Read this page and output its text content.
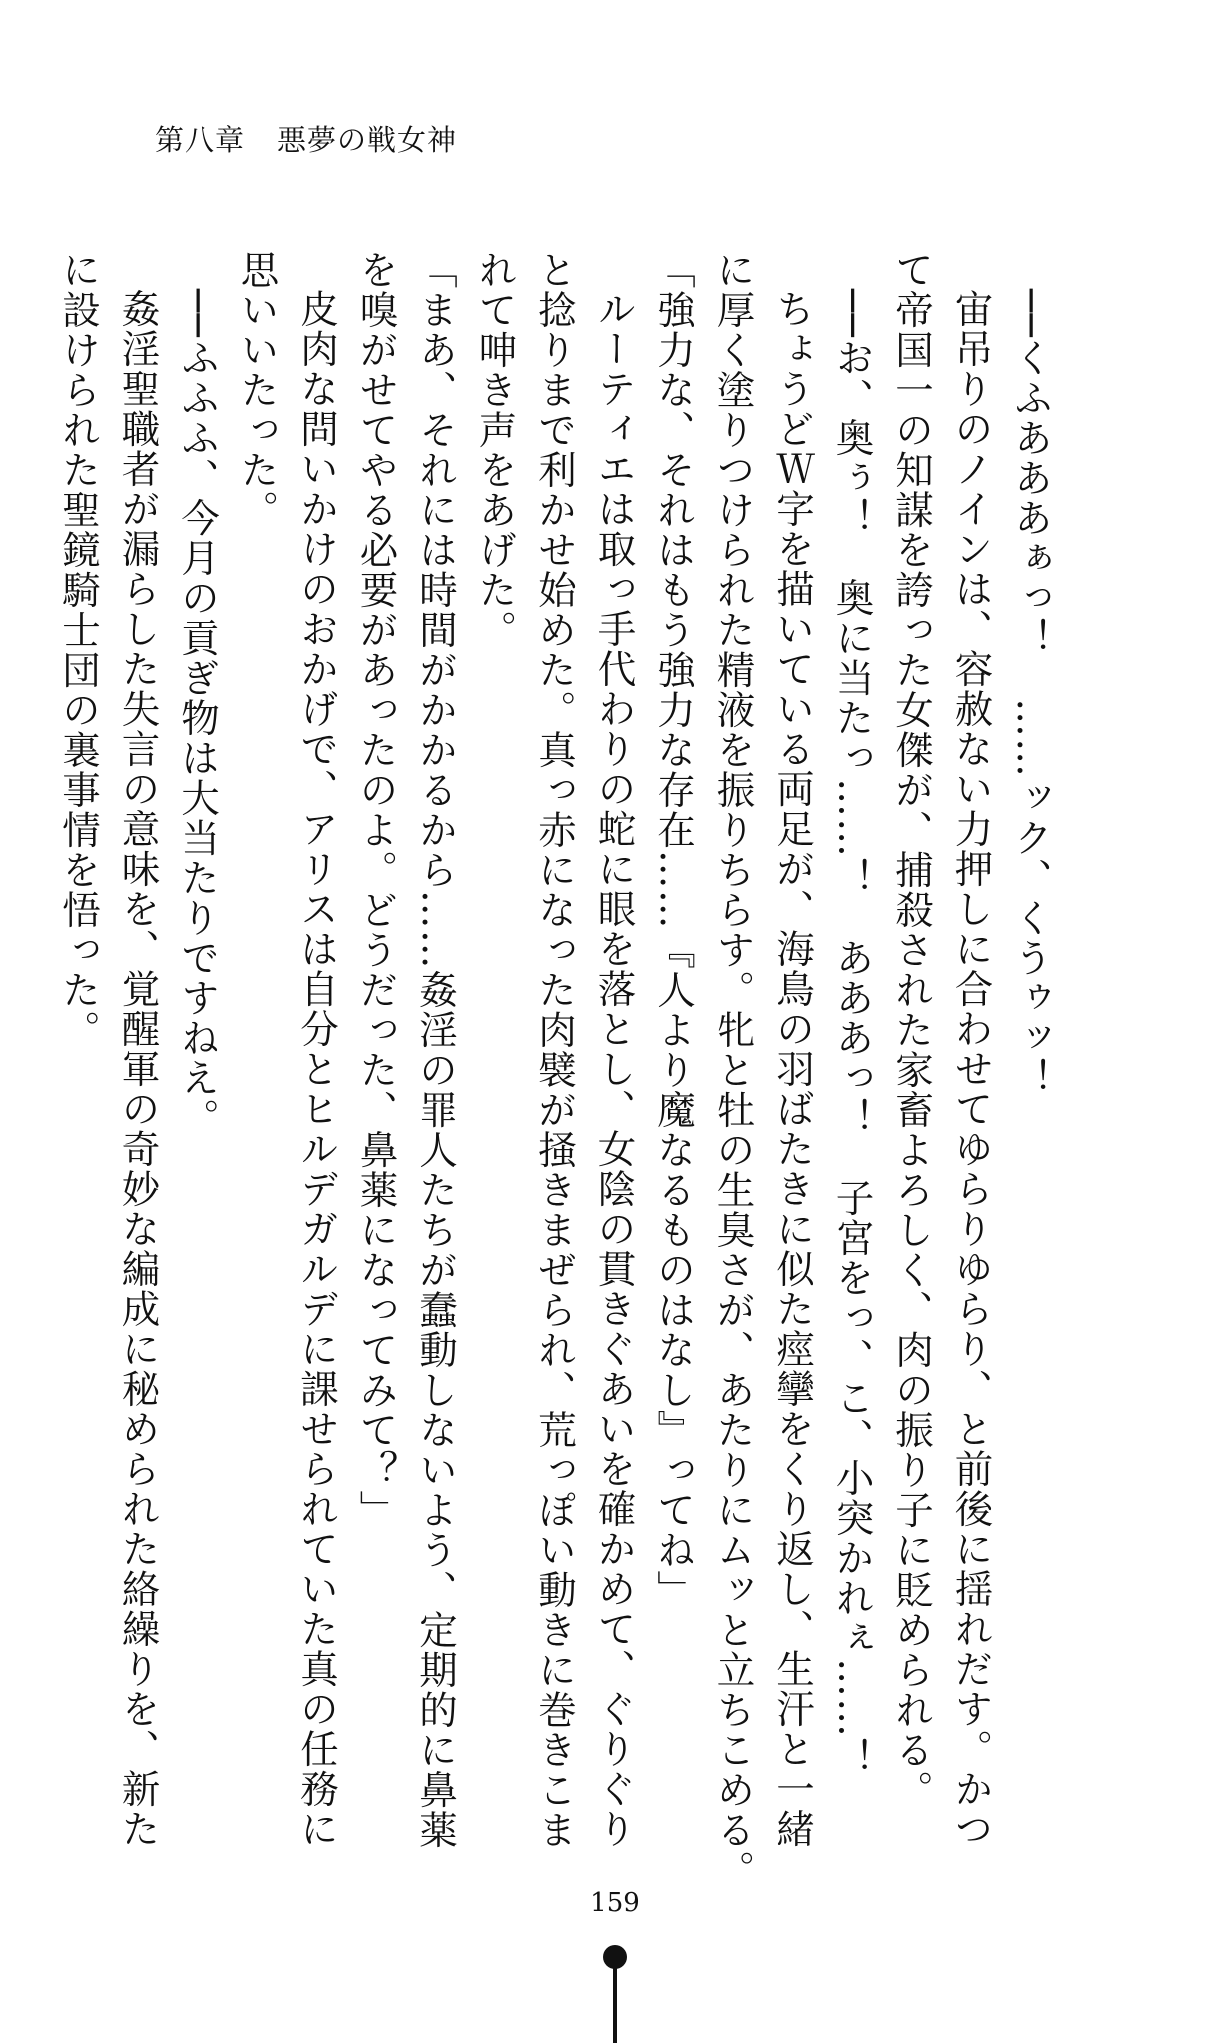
第八章 悪夢の戦女神

──くふあああぁっ！　……ック、くうゥッ！

宙吊りのノインは、容赦ない力押しに合わせてゆらりゆらり、と前後に揺れだす。かつ

て帝国一の知謀を誇った女傑が、捕殺された家畜よろしく、肉の振り子に貶められる。

──お、奥ぅ！　奥に当たっ……！　あああっ！　子宮をっ、こ、小突かれぇ……！

ちょうどＷ字を描いている両足が、海鳥の羽ばたきに似た痙攣をくり返し、生汗と一緒

に厚く塗りつけられた精液を振りちらす。牝と牡の生臭さが、あたりにムッと立ちこめる。

「強力な、それはもう強力な存在……『人より魔なるものはなし』ってね」

ルーティエは取っ手代わりの蛇に眼を落とし、女陰の貫きぐあいを確かめて、ぐりぐり

と捻りまで利かせ始めた。真っ赤になった肉襞が掻きまぜられ、荒っぽい動きに巻きこま

れて呻き声をあげた。

「まあ、それには時間がかかるから……姦淫の罪人たちが蠢動しないよう、定期的に鼻薬

を嗅がせてやる必要があったのよ。どうだった、鼻薬になってみて？」

皮肉な問いかけのおかげで、アリスは自分とヒルデガルデに課せられていた真の任務に

思いいたった。

──ふふふ、今月の貢ぎ物は大当たりですねえ。

姦淫聖職者が漏らした失言の意味を、覚醒軍の奇妙な編成に秘められた絡繰りを、新た

に設けられた聖鏡騎士団の裏事情を悟った。

159
しゅんどう ニコライムス エルヴァーケン シュピーゲリッター からくり
